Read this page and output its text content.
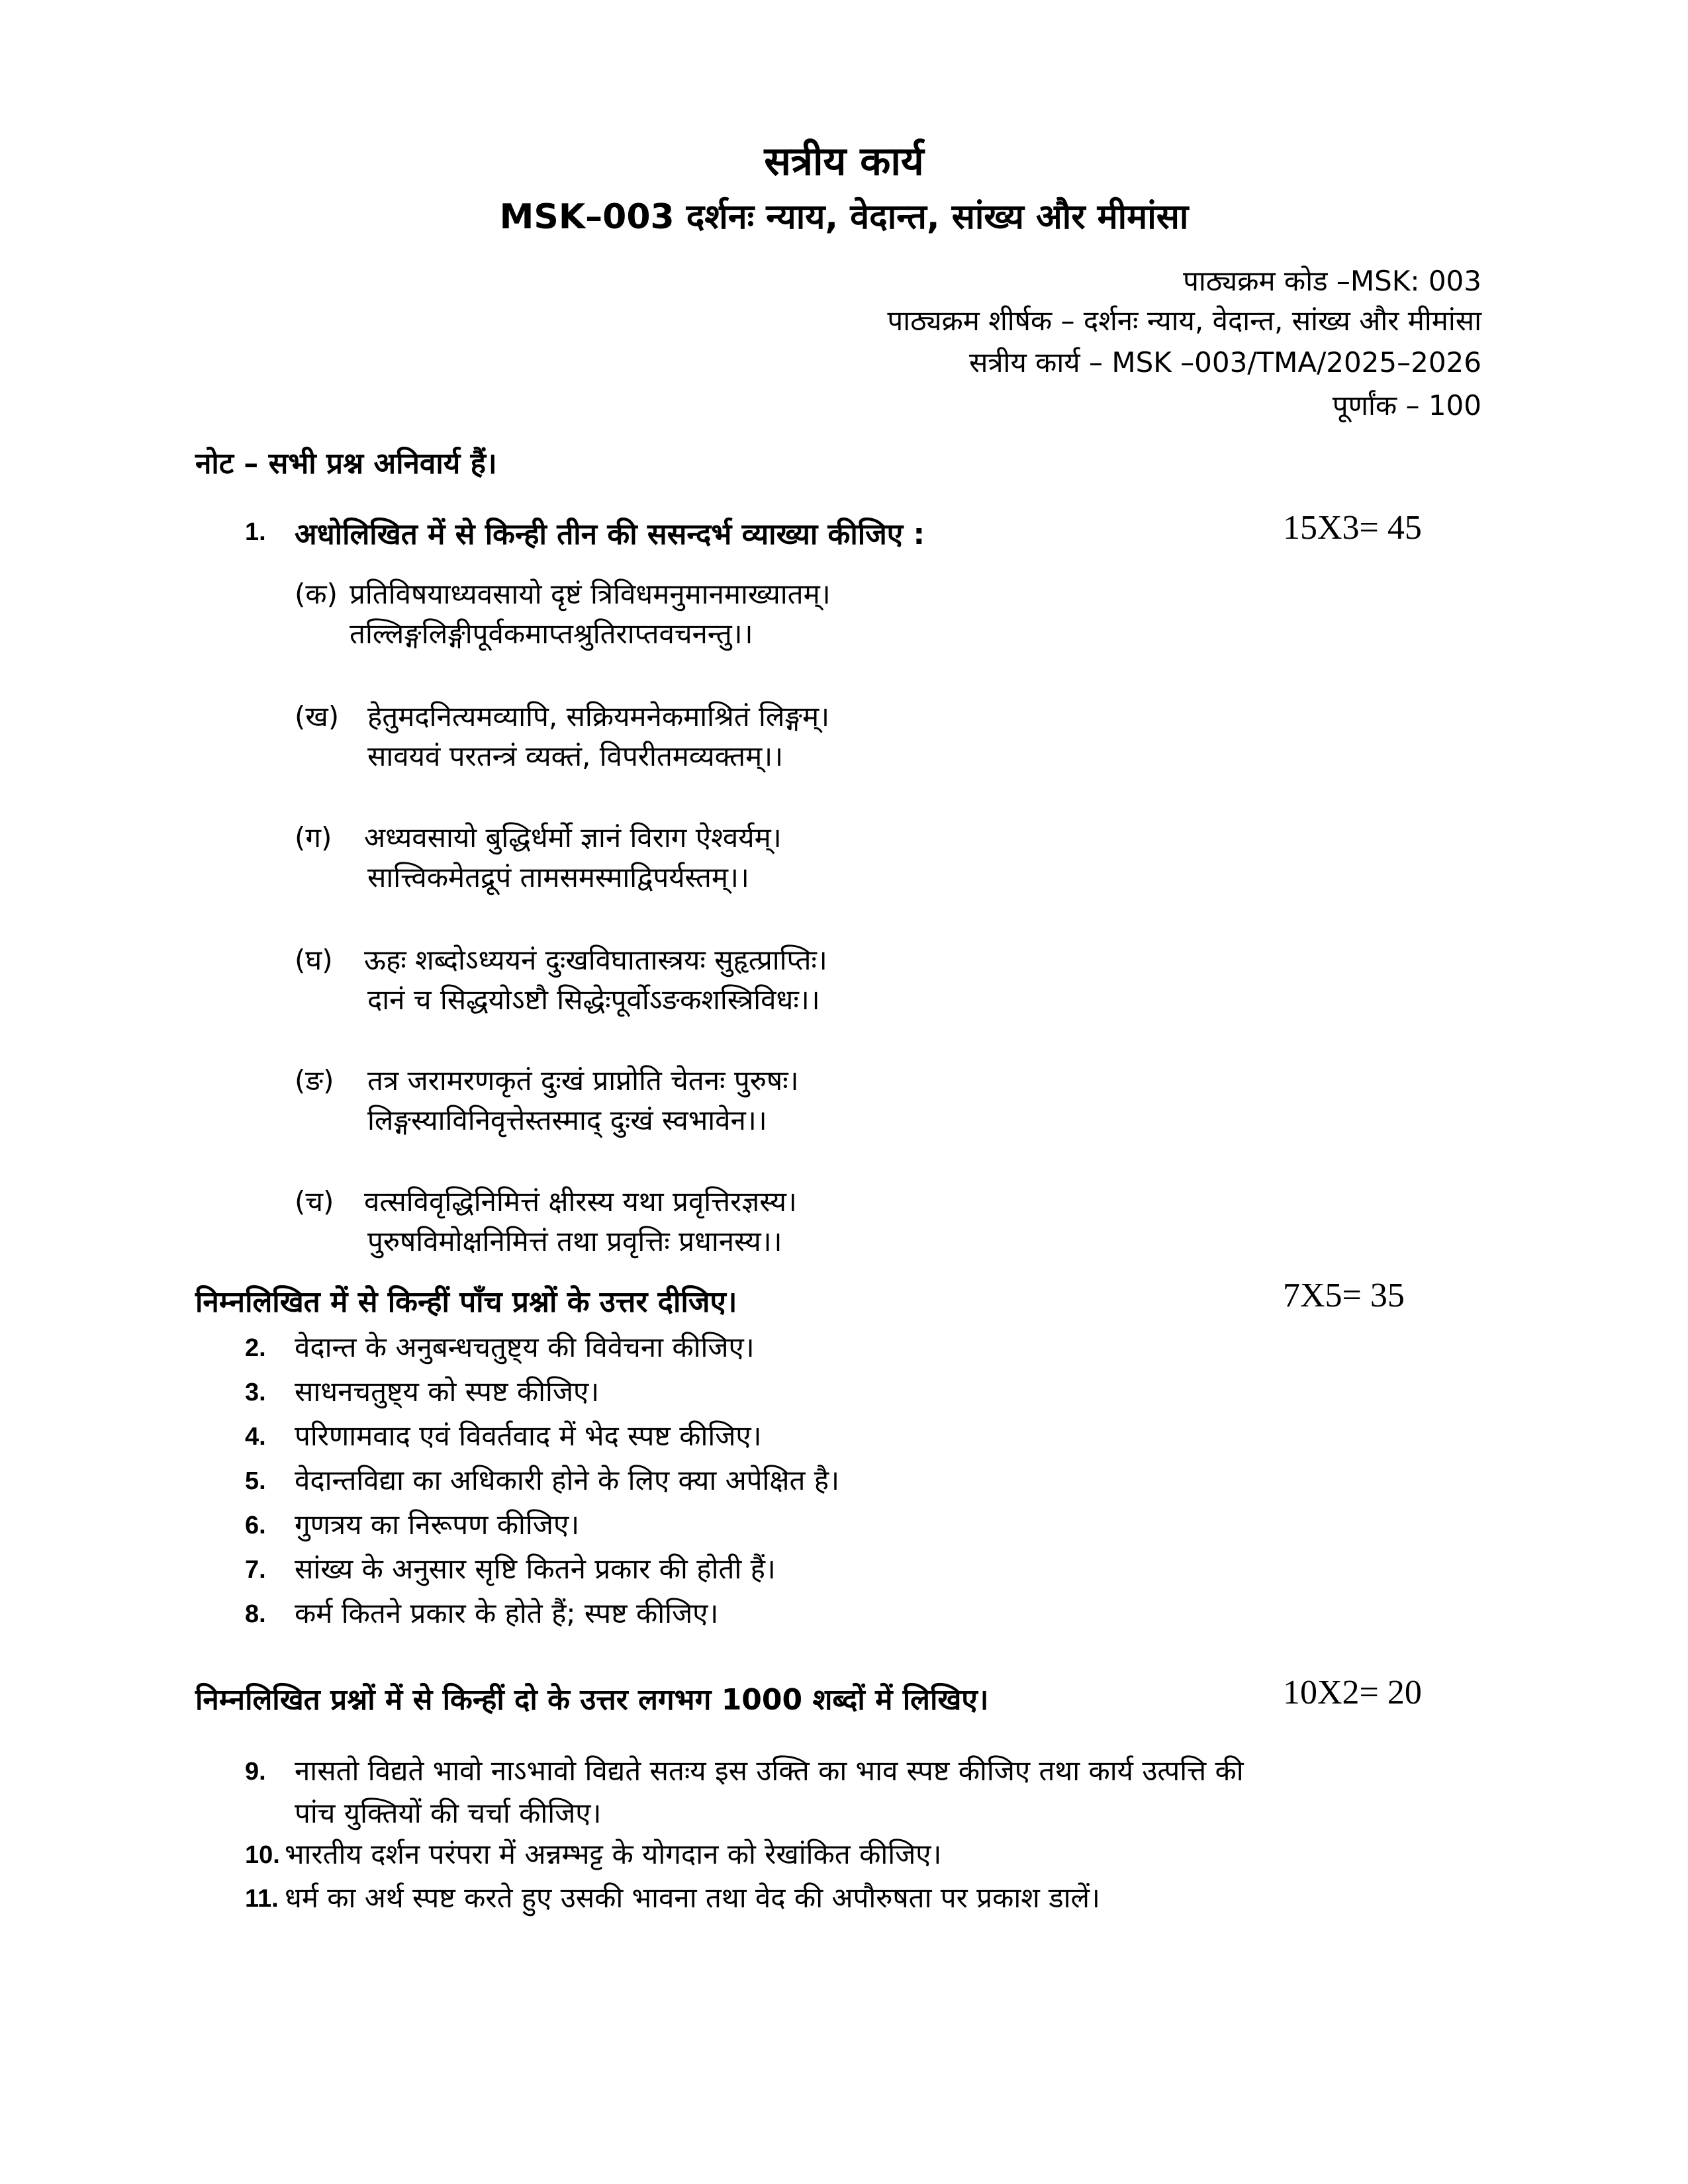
सत्रीय कार्य
MSK–003 दर्शनः न्याय, वेदान्त, सांख्य और मीमांसा
पाठ्यक्रम कोड –MSK: 003
पाठ्यक्रम शीर्षक – दर्शनः न्याय, वेदान्त, सांख्य और मीमांसा
सत्रीय कार्य – MSK –003/TMA/2025–2026
पूर्णांक – 100
नोट – सभी प्रश्न अनिवार्य हैं।
1. अधोलिखित में से किन्ही तीन की ससन्दर्भ व्याख्या कीजिए :	15X3= 45
(क) प्रतिविषयाध्यवसायो दृष्टं त्रिविधमनुमानमाख्यातम्।
तल्लिङ्गलिङ्गीपूर्वकमाप्तश्रुतिराप्तवचनन्तु।।
(ख) हेतुमदनित्यमव्यापि, सक्रियमनेकमाश्रितं लिङ्गम्।
सावयवं परतन्त्रं व्यक्तं, विपरीतमव्यक्तम्।।
(ग) अध्यवसायो बुद्धिर्धर्मो ज्ञानं विराग ऐश्वर्यम्।
सात्त्विकमेतद्रूपं तामसमस्माद्विपर्यस्तम्।।
(घ) ऊहः शब्दोऽध्ययनं दुःखविघातास्त्रयः सुहृत्प्राप्तिः।
दानं च सिद्धयोऽष्टौ सिद्धेःपूर्वोऽङकशस्त्रिविधः।।
(ङ) तत्र जरामरणकृतं दुःखं प्राप्नोति चेतनः पुरुषः।
लिङ्गस्याविनिवृत्तेस्तस्माद् दुःखं स्वभावेन।।
(च) वत्सविवृद्धिनिमित्तं क्षीरस्य यथा प्रवृत्तिरज्ञस्य।
पुरुषविमोक्षनिमित्तं तथा प्रवृत्तिः प्रधानस्य।।
निम्नलिखित में से किन्हीं पाँच प्रश्नों के उत्तर दीजिए।	7X5= 35
2. वेदान्त के अनुबन्धचतुष्ट्य की विवेचना कीजिए।
3. साधनचतुष्ट्य को स्पष्ट कीजिए।
4. परिणामवाद एवं विवर्तवाद में भेद स्पष्ट कीजिए।
5. वेदान्तविद्या का अधिकारी होने के लिए क्या अपेक्षित है।
6. गुणत्रय का निरूपण कीजिए।
7. सांख्य के अनुसार सृष्टि कितने प्रकार की होती हैं।
8. कर्म कितने प्रकार के होते हैं; स्पष्ट कीजिए।
निम्नलिखित प्रश्नों में से किन्हीं दो के उत्तर लगभग 1000 शब्दों में लिखिए।	10X2= 20
9. नासतो विद्यते भावो नाऽभावो विद्यते सतःय इस उक्ति का भाव स्पष्ट कीजिए तथा कार्य उत्पत्ति की
पांच युक्तियों की चर्चा कीजिए।
10. भारतीय दर्शन परंपरा में अन्नम्भट्ट के योगदान को रेखांकित कीजिए।
11. धर्म का अर्थ स्पष्ट करते हुए उसकी भावना तथा वेद की अपौरुषता पर प्रकाश डालें।
